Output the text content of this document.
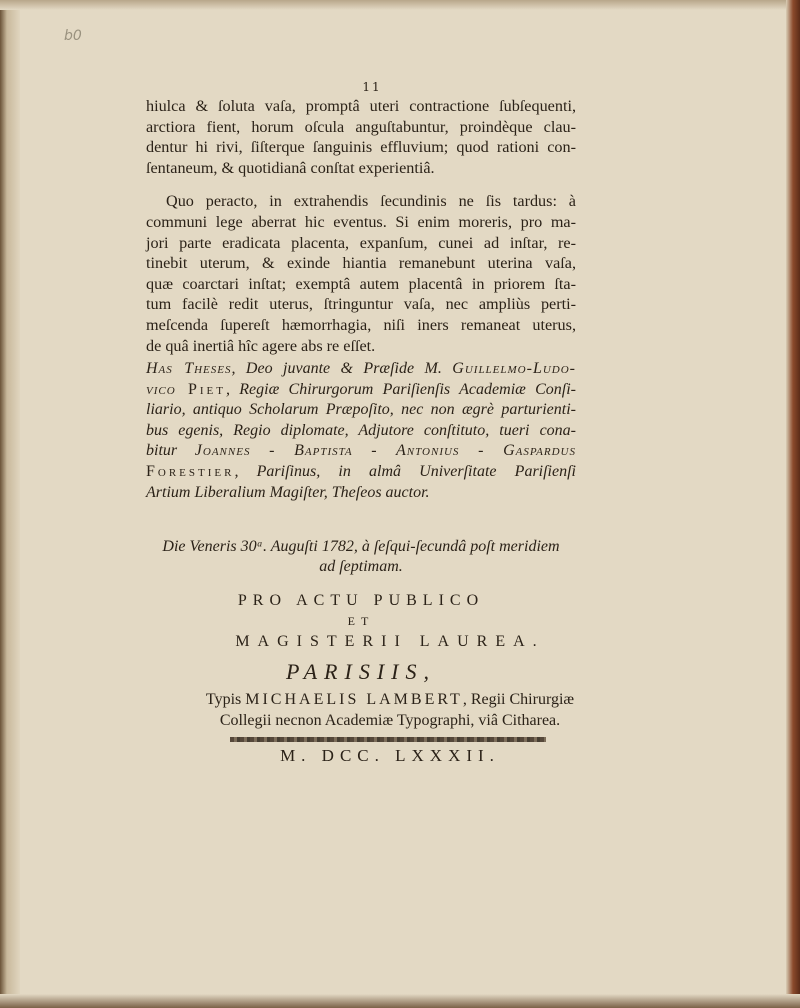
b0
11

hiulca & ſoluta vaſa, promptâ uteri contractione ſubſequenti,
arctiora fient, horum oſcula anguſtabuntur, proindèque clau-
dentur hi rivi, ſiſterque ſanguinis effluvium; quod rationi con-
ſentaneum, & quotidianâ conſtat experientiâ.

Quo peracto, in extrahendis ſecundinis ne ſis tardus: à
communi lege aberrat hic eventus. Si enim moreris, pro ma-
jori parte eradicata placenta, expanſum, cunei ad inſtar, re-
tinebit uterum, & exinde hiantia remanebunt uterina vaſa,
quæ coarctari inſtat; exemptâ autem placentâ in priorem ſta-
tum facilè redit uterus, ſtringuntur vaſa, nec ampliùs perti-
meſcenda ſupereſt hæmorrhagia, niſi iners remaneat uterus,
de quâ inertiâ hîc agere abs re eſſet.

Has Theses, Deo juvante & Præſide M. Guillelmo-Ludo-
vico Piet, Regiæ Chirurgorum Pariſienſis Academiæ Conſi-
liario, antiquo Scholarum Præpoſito, nec non ægrè parturienti-
bus egenis, Regio diplomate, Adjutore conſtituto, tueri cona-
bitur Joannes - Baptista - Antonius - Gaspardus
Forestier, Pariſinus, in almâ Univerſitate Pariſienſi
Artium Liberalium Magiſter, Theſeos auctor.
Die Veneris 30ᵃ. Auguſti 1782, à ſeſqui-ſecundâ poſt meridiem
ad ſeptimam.
PRO ACTU PUBLICO
ET
MAGISTERII LAUREA.
PARISIIS,
Typis MICHAELIS LAMBERT, Regii Chirurgiæ
Collegii necnon Academiæ Typographi, viâ Citharea.
M. DCC. LXXXII.
